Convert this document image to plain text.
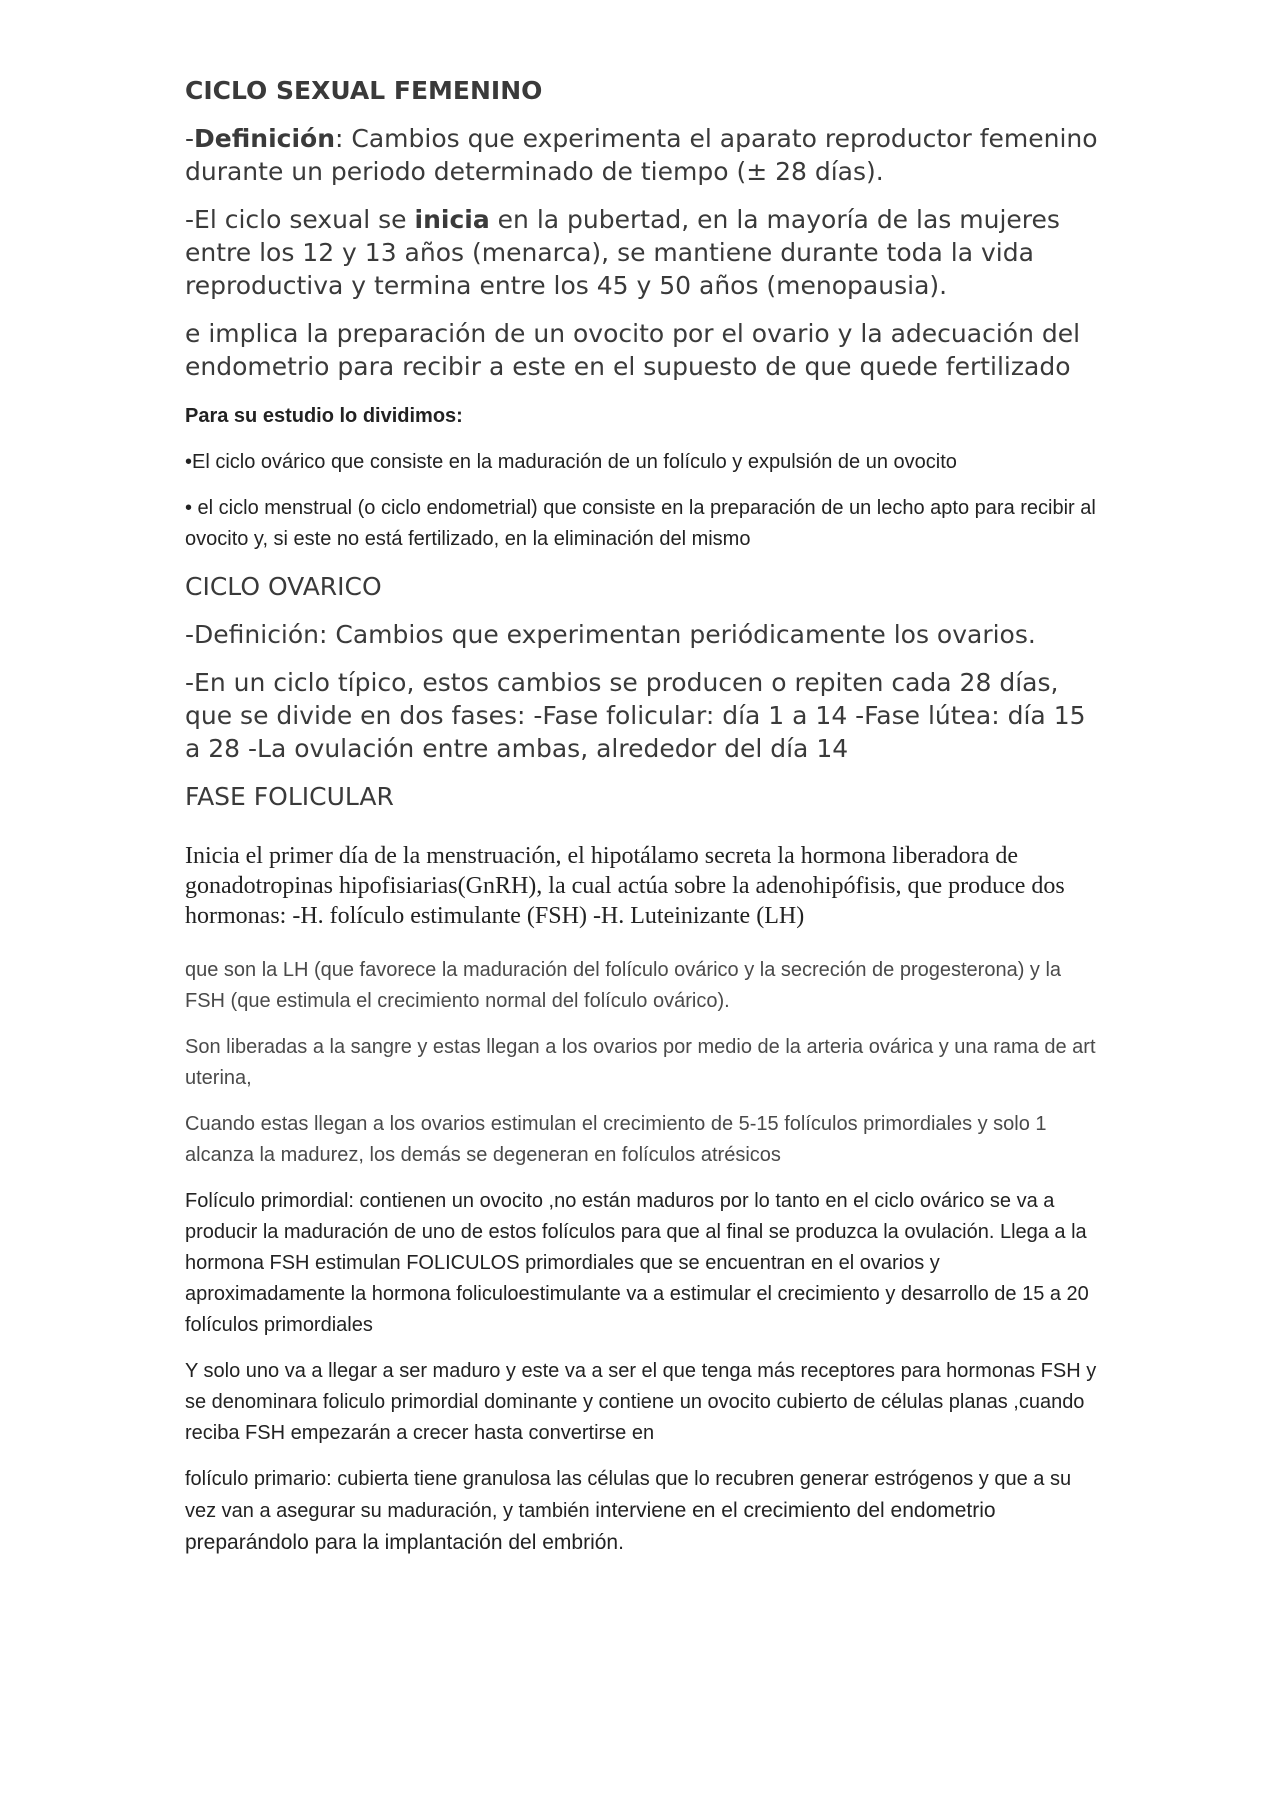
CICLO SEXUAL FEMENINO

-Definición: Cambios que experimenta el aparato reproductor femenino durante un periodo determinado de tiempo (± 28 días).

-El ciclo sexual se inicia en la pubertad, en la mayoría de las mujeres entre los 12 y 13 años (menarca), se mantiene durante toda la vida reproductiva y termina entre los 45 y 50 años (menopausia).

e implica la preparación de un ovocito por el ovario y la adecuación del endometrio para recibir a este en el supuesto de que quede fertilizado

Para su estudio lo dividimos:

•El ciclo ovárico que consiste en la maduración de un folículo y expulsión de un ovocito

• el ciclo menstrual (o ciclo endometrial) que consiste en la preparación de un lecho apto para recibir al ovocito y, si este no está fertilizado, en la eliminación del mismo

CICLO OVARICO

-Definición: Cambios que experimentan periódicamente los ovarios.

-En un ciclo típico, estos cambios se producen o repiten cada 28 días, que se divide en dos fases: -Fase folicular: día 1 a 14 -Fase lútea: día 15 a 28 -La ovulación entre ambas, alrededor del día 14

FASE FOLICULAR

Inicia el primer día de la menstruación, el hipotálamo secreta la hormona liberadora de gonadotropinas hipofisiarias(GnRH), la cual actúa sobre la adenohipófisis, que produce dos hormonas: -H. folículo estimulante (FSH) -H. Luteinizante (LH)

que son la LH (que favorece la maduración del folículo ovárico y la secreción de progesterona) y la FSH (que estimula el crecimiento normal del folículo ovárico).

Son liberadas a la sangre y estas llegan a los ovarios por medio de la arteria ovárica y una rama de art uterina,

Cuando estas llegan a los ovarios estimulan el crecimiento de 5-15 folículos primordiales y solo 1 alcanza la madurez, los demás se degeneran en folículos atrésicos

Folículo primordial: contienen un ovocito ,no están maduros por lo tanto en el ciclo ovárico se va a producir la maduración de uno de estos folículos para que al final se produzca la ovulación. Llega a la hormona FSH estimulan FOLICULOS primordiales que se encuentran en el ovarios y aproximadamente la hormona foliculoestimulante va a estimular el crecimiento y desarrollo de 15 a 20 folículos primordiales

Y solo uno va a llegar a ser maduro y este va a ser el que tenga más receptores para hormonas FSH y se denominara foliculo primordial dominante y contiene un ovocito cubierto de células planas ,cuando reciba FSH empezarán a crecer hasta convertirse en

folículo primario: cubierta tiene granulosa las células que lo recubren generar estrógenos y que a su vez van a asegurar su maduración, y también interviene en el crecimiento del endometrio preparándolo para la implantación del embrión.
